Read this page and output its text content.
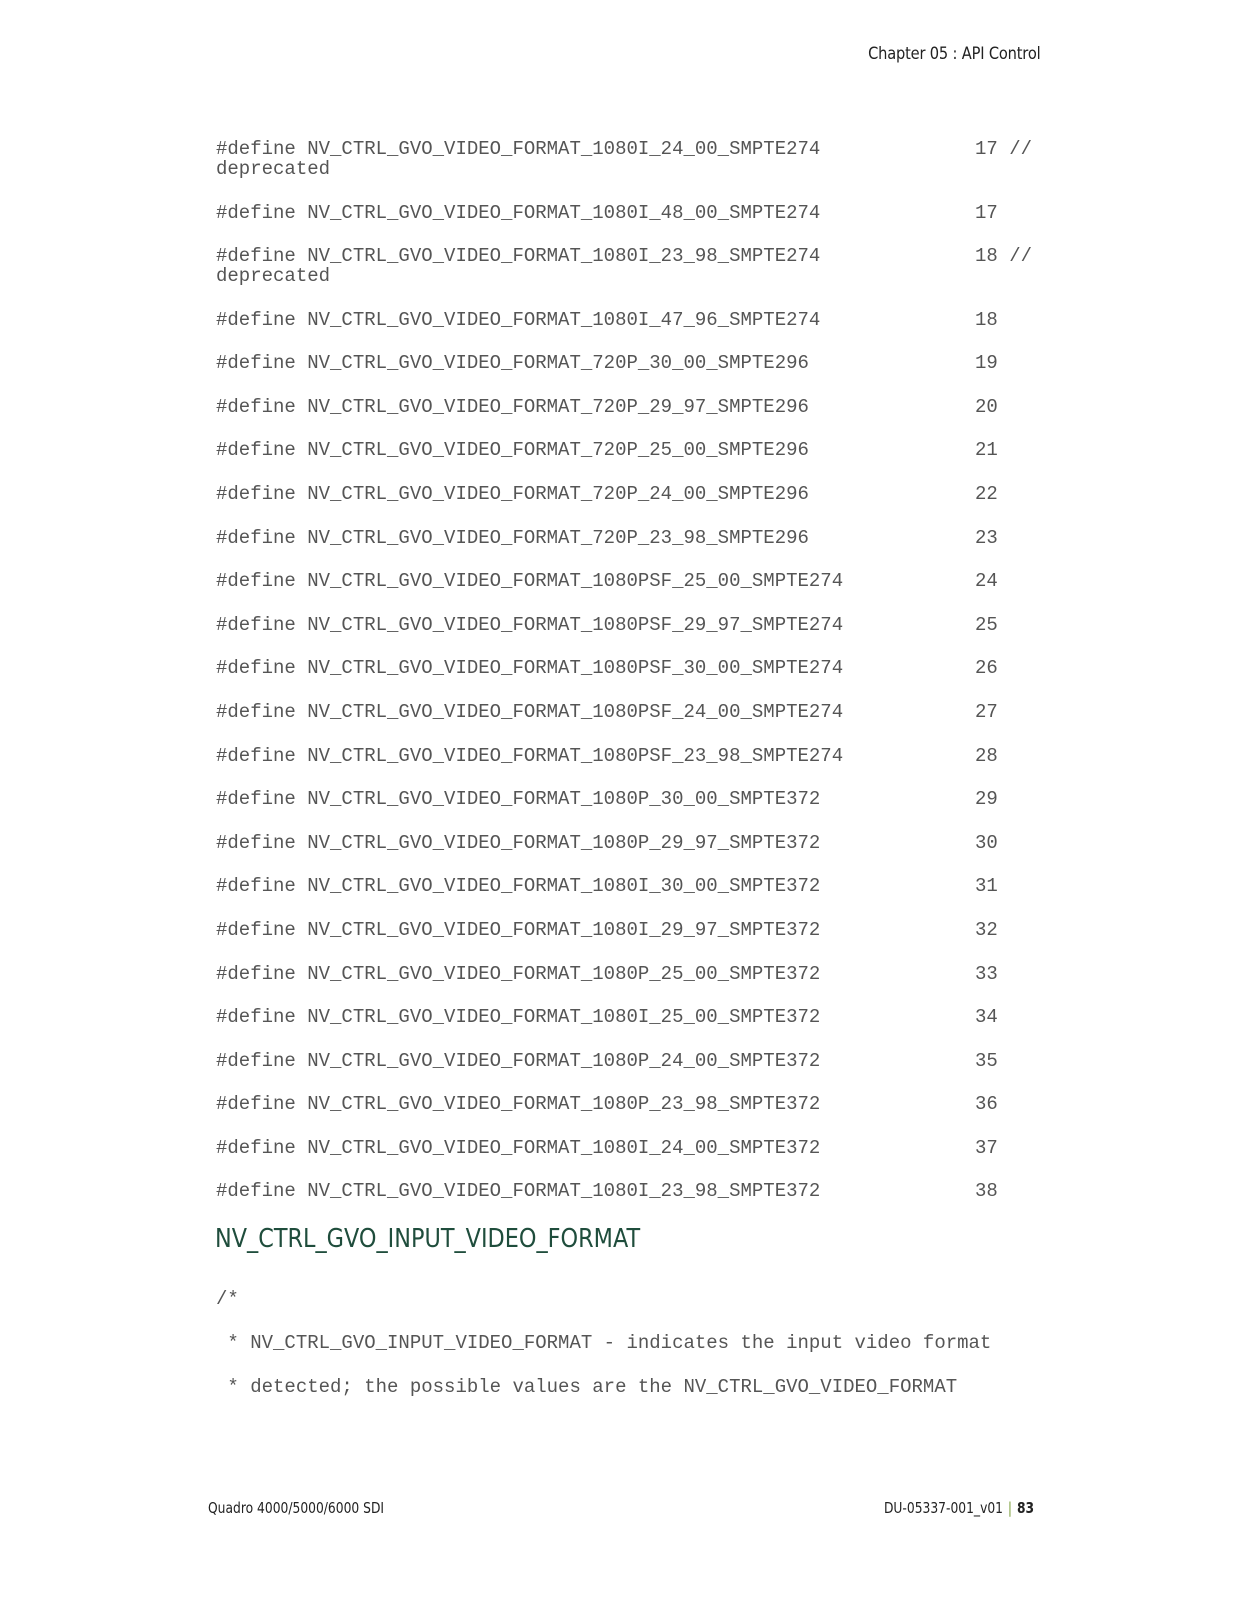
Chapter 05 : API Control
#define NV_CTRL_GVO_VIDEO_FORMAT_1080I_24_00_SMPTE274	17 //
deprecated
#define NV_CTRL_GVO_VIDEO_FORMAT_1080I_48_00_SMPTE274	17
#define NV_CTRL_GVO_VIDEO_FORMAT_1080I_23_98_SMPTE274	18 //
deprecated
#define NV_CTRL_GVO_VIDEO_FORMAT_1080I_47_96_SMPTE274	18
#define NV_CTRL_GVO_VIDEO_FORMAT_720P_30_00_SMPTE296	19
#define NV_CTRL_GVO_VIDEO_FORMAT_720P_29_97_SMPTE296	20
#define NV_CTRL_GVO_VIDEO_FORMAT_720P_25_00_SMPTE296	21
#define NV_CTRL_GVO_VIDEO_FORMAT_720P_24_00_SMPTE296	22
#define NV_CTRL_GVO_VIDEO_FORMAT_720P_23_98_SMPTE296	23
#define NV_CTRL_GVO_VIDEO_FORMAT_1080PSF_25_00_SMPTE274	24
#define NV_CTRL_GVO_VIDEO_FORMAT_1080PSF_29_97_SMPTE274	25
#define NV_CTRL_GVO_VIDEO_FORMAT_1080PSF_30_00_SMPTE274	26
#define NV_CTRL_GVO_VIDEO_FORMAT_1080PSF_24_00_SMPTE274	27
#define NV_CTRL_GVO_VIDEO_FORMAT_1080PSF_23_98_SMPTE274	28
#define NV_CTRL_GVO_VIDEO_FORMAT_1080P_30_00_SMPTE372	29
#define NV_CTRL_GVO_VIDEO_FORMAT_1080P_29_97_SMPTE372	30
#define NV_CTRL_GVO_VIDEO_FORMAT_1080I_30_00_SMPTE372	31
#define NV_CTRL_GVO_VIDEO_FORMAT_1080I_29_97_SMPTE372	32
#define NV_CTRL_GVO_VIDEO_FORMAT_1080P_25_00_SMPTE372	33
#define NV_CTRL_GVO_VIDEO_FORMAT_1080I_25_00_SMPTE372	34
#define NV_CTRL_GVO_VIDEO_FORMAT_1080P_24_00_SMPTE372	35
#define NV_CTRL_GVO_VIDEO_FORMAT_1080P_23_98_SMPTE372	36
#define NV_CTRL_GVO_VIDEO_FORMAT_1080I_24_00_SMPTE372	37
#define NV_CTRL_GVO_VIDEO_FORMAT_1080I_23_98_SMPTE372	38
NV_CTRL_GVO_INPUT_VIDEO_FORMAT
/*
* NV_CTRL_GVO_INPUT_VIDEO_FORMAT - indicates the input video format
* detected; the possible values are the NV_CTRL_GVO_VIDEO_FORMAT
Quadro 4000/5000/6000 SDI	DU-05337-001_v01 | 83
